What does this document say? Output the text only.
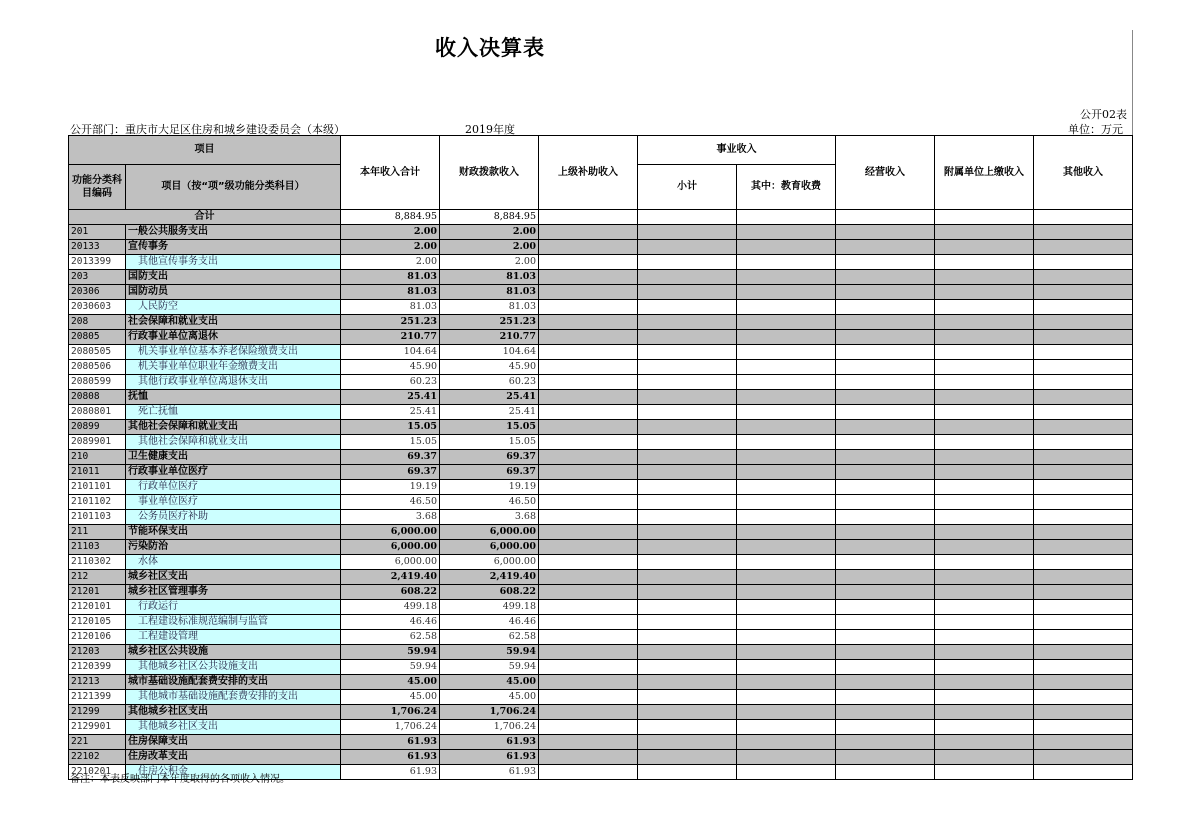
收入决算表
公开02表
公开部门：重庆市大足区住房和城乡建设委员会（本级）	2019年度	单位：万元
项目		本年收入合计	财政拨款收入	上级补助收入	事业收入		经营收入	附属单位上缴收入	其他收入
功能分类科目编码	项目（按“项”级功能分类科目）								
					小计	其中：教育收费			
合计		8,884.95	8,884.95						
201	一般公共服务支出	2.00	2.00						
20133	宣传事务	2.00	2.00						
2013399	其他宣传事务支出	2.00	2.00						
203	国防支出	81.03	81.03						
20306	国防动员	81.03	81.03						
2030603	人民防空	81.03	81.03						
208	社会保障和就业支出	251.23	251.23						
20805	行政事业单位离退休	210.77	210.77						
2080505	机关事业单位基本养老保险缴费支出	104.64	104.64						
2080506	机关事业单位职业年金缴费支出	45.90	45.90						
2080599	其他行政事业单位离退休支出	60.23	60.23						
20808	抚恤	25.41	25.41						
2080801	死亡抚恤	25.41	25.41						
20899	其他社会保障和就业支出	15.05	15.05						
2089901	其他社会保障和就业支出	15.05	15.05						
210	卫生健康支出	69.37	69.37						
21011	行政事业单位医疗	69.37	69.37						
2101101	行政单位医疗	19.19	19.19						
2101102	事业单位医疗	46.50	46.50						
2101103	公务员医疗补助	3.68	3.68						
211	节能环保支出	6,000.00	6,000.00						
21103	污染防治	6,000.00	6,000.00						
2110302	水体	6,000.00	6,000.00						
212	城乡社区支出	2,419.40	2,419.40						
21201	城乡社区管理事务	608.22	608.22						
2120101	行政运行	499.18	499.18						
2120105	工程建设标准规范编制与监管	46.46	46.46						
2120106	工程建设管理	62.58	62.58						
21203	城乡社区公共设施	59.94	59.94						
2120399	其他城乡社区公共设施支出	59.94	59.94						
21213	城市基础设施配套费安排的支出	45.00	45.00						
2121399	其他城市基础设施配套费安排的支出	45.00	45.00						
21299	其他城乡社区支出	1,706.24	1,706.24						
2129901	其他城乡社区支出	1,706.24	1,706.24						
221	住房保障支出	61.93	61.93						
22102	住房改革支出	61.93	61.93						
2210201	住房公积金	61.93	61.93						
备注：本表反映部门本年度取得的各项收入情况。
